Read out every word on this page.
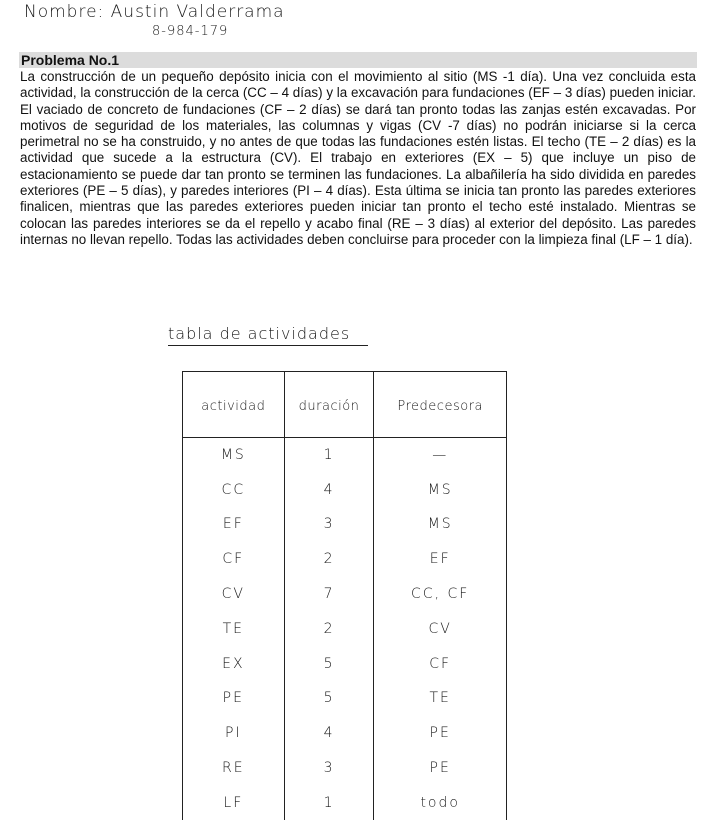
Nombre: Austin Valderrama
8-984-179
Problema No.1
La construcción de un pequeño depósito inicia con el movimiento al sitio (MS -1 día). Una vez concluida esta actividad, la construcción de la cerca (CC – 4 días) y la excavación para fundaciones (EF – 3 días) pueden iniciar. El vaciado de concreto de fundaciones (CF – 2 días) se dará tan pronto todas las zanjas estén excavadas. Por motivos de seguridad de los materiales, las columnas y vigas (CV -7 días) no podrán iniciarse si la cerca perimetral no se ha construido, y no antes de que todas las fundaciones estén listas. El techo (TE – 2 días) es la actividad que sucede a la estructura (CV). El trabajo en exteriores (EX – 5) que incluye un piso de estacionamiento se puede dar tan pronto se terminen las fundaciones. La albañilería ha sido dividida en paredes exteriores (PE – 5 días), y paredes interiores (PI – 4 días). Esta última se inicia tan pronto las paredes exteriores finalicen, mientras que las paredes exteriores pueden iniciar tan pronto el techo esté instalado. Mientras se colocan las paredes interiores se da el repello y acabo final (RE – 3 días) al exterior del depósito. Las paredes internas no llevan repello. Todas las actividades deben concluirse para proceder con la limpieza final (LF – 1 día).
tabla de actividades
actividad	duración	Predecesora
MS	1	—
CC	4	MS
EF	3	MS
CF	2	EF
CV	7	CC, CF
TE	2	CV
EX	5	CF
PE	5	TE
PI	4	PE
RE	3	PE
LF	1	todo
